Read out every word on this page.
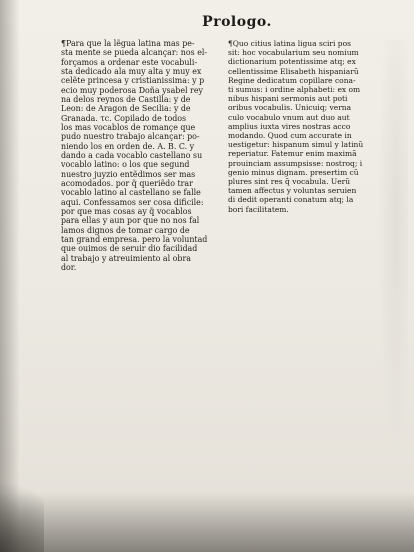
Prologo.
¶Para que la lẽgua latina mas pe-
sta mente se pueda alcançar: nos el-
forçamos a ordenar este vocabuli-
sta dedicado ala muy alta y muy ex
celẽte princesa y cristianissima: y p
ecio muy poderosa Doña ysabel rey
na delos reynos de Castilla: y de
Leon: de Aragon de Secilia: y de
Granada. τc. Copilado de todos
los mas vocablos de romançe que
pudo nuestro trabajo alcançar: po-
niendo los en orden de. A. B. C. y
dando a cada vocablo castellano su
vocablo latino: o los que segund
nuestro juyzio entẽdimos ser mas
acomodados. por q̃ queriẽdo trar
vocablo latino al castellano se falle
aqui. Confessamos ser cosa dificile:
por que mas cosas ay q̃ vocablos
para ellas y aun por que no nos fal
lamos dignos de tomar cargo de
tan grand empresa. pero la voluntad
que ouimos de seruir dio facilidad
al trabajo y atreuimiento al obra
dor.
¶Quo citius latina ligua sciri pos
sit: hoc vocabularium seu nomium
dictionarium potentissime atq; ex
cellentissime Elisabeth hispaniarũ
Regine dedicatum copillare cona-
ti sumus: i ordine alphabeti: ex om
nibus hispani sermonis aut poti
oribus vocabulis. Unicuiq; verna
culo vocabulo vnum aut duo aut
amplius iuxta vires nostras acco
modando. Quod cum accurate in
uestigetur: hispanum simul y latinũ
reperiatur. Fatemur enim maximã
prouinciam assumpsisse: nostroq; i
genio minus dignam. presertim cũ
plures sint res q̃ vocabula. Uerũ
tamen affectus y voluntas seruien
di dedit operanti conatum atq; la
bori facilitatem.
